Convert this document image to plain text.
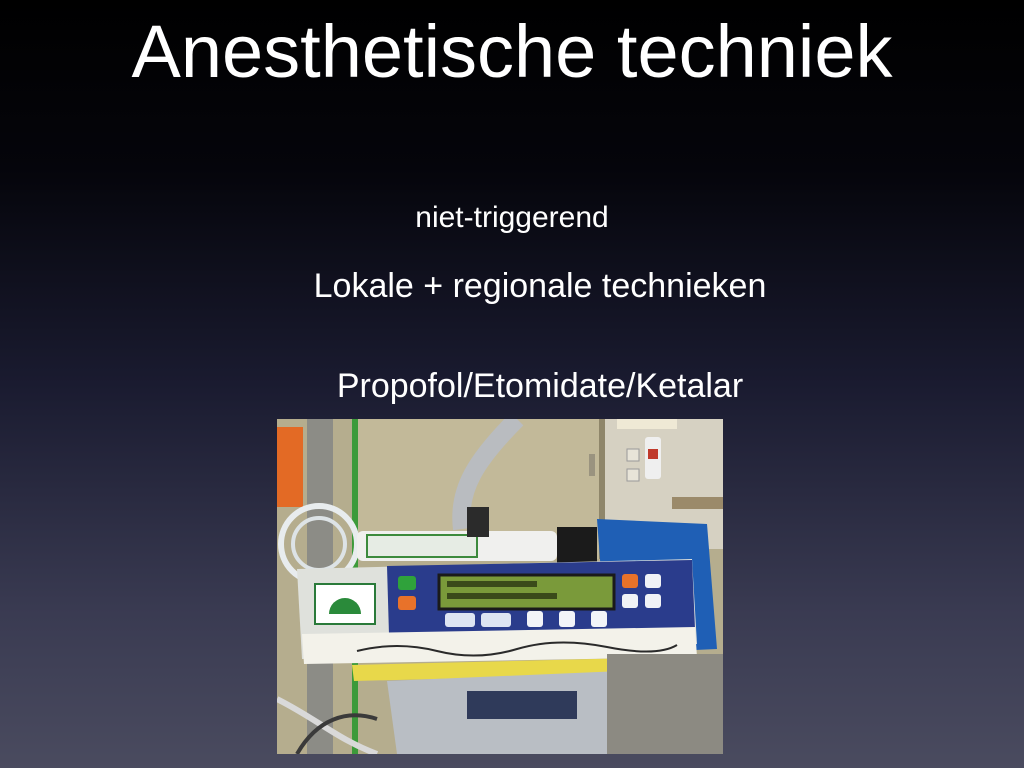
Anesthetische techniek
niet-triggerend
Lokale + regionale technieken
Propofol/Etomidate/Ketalar
